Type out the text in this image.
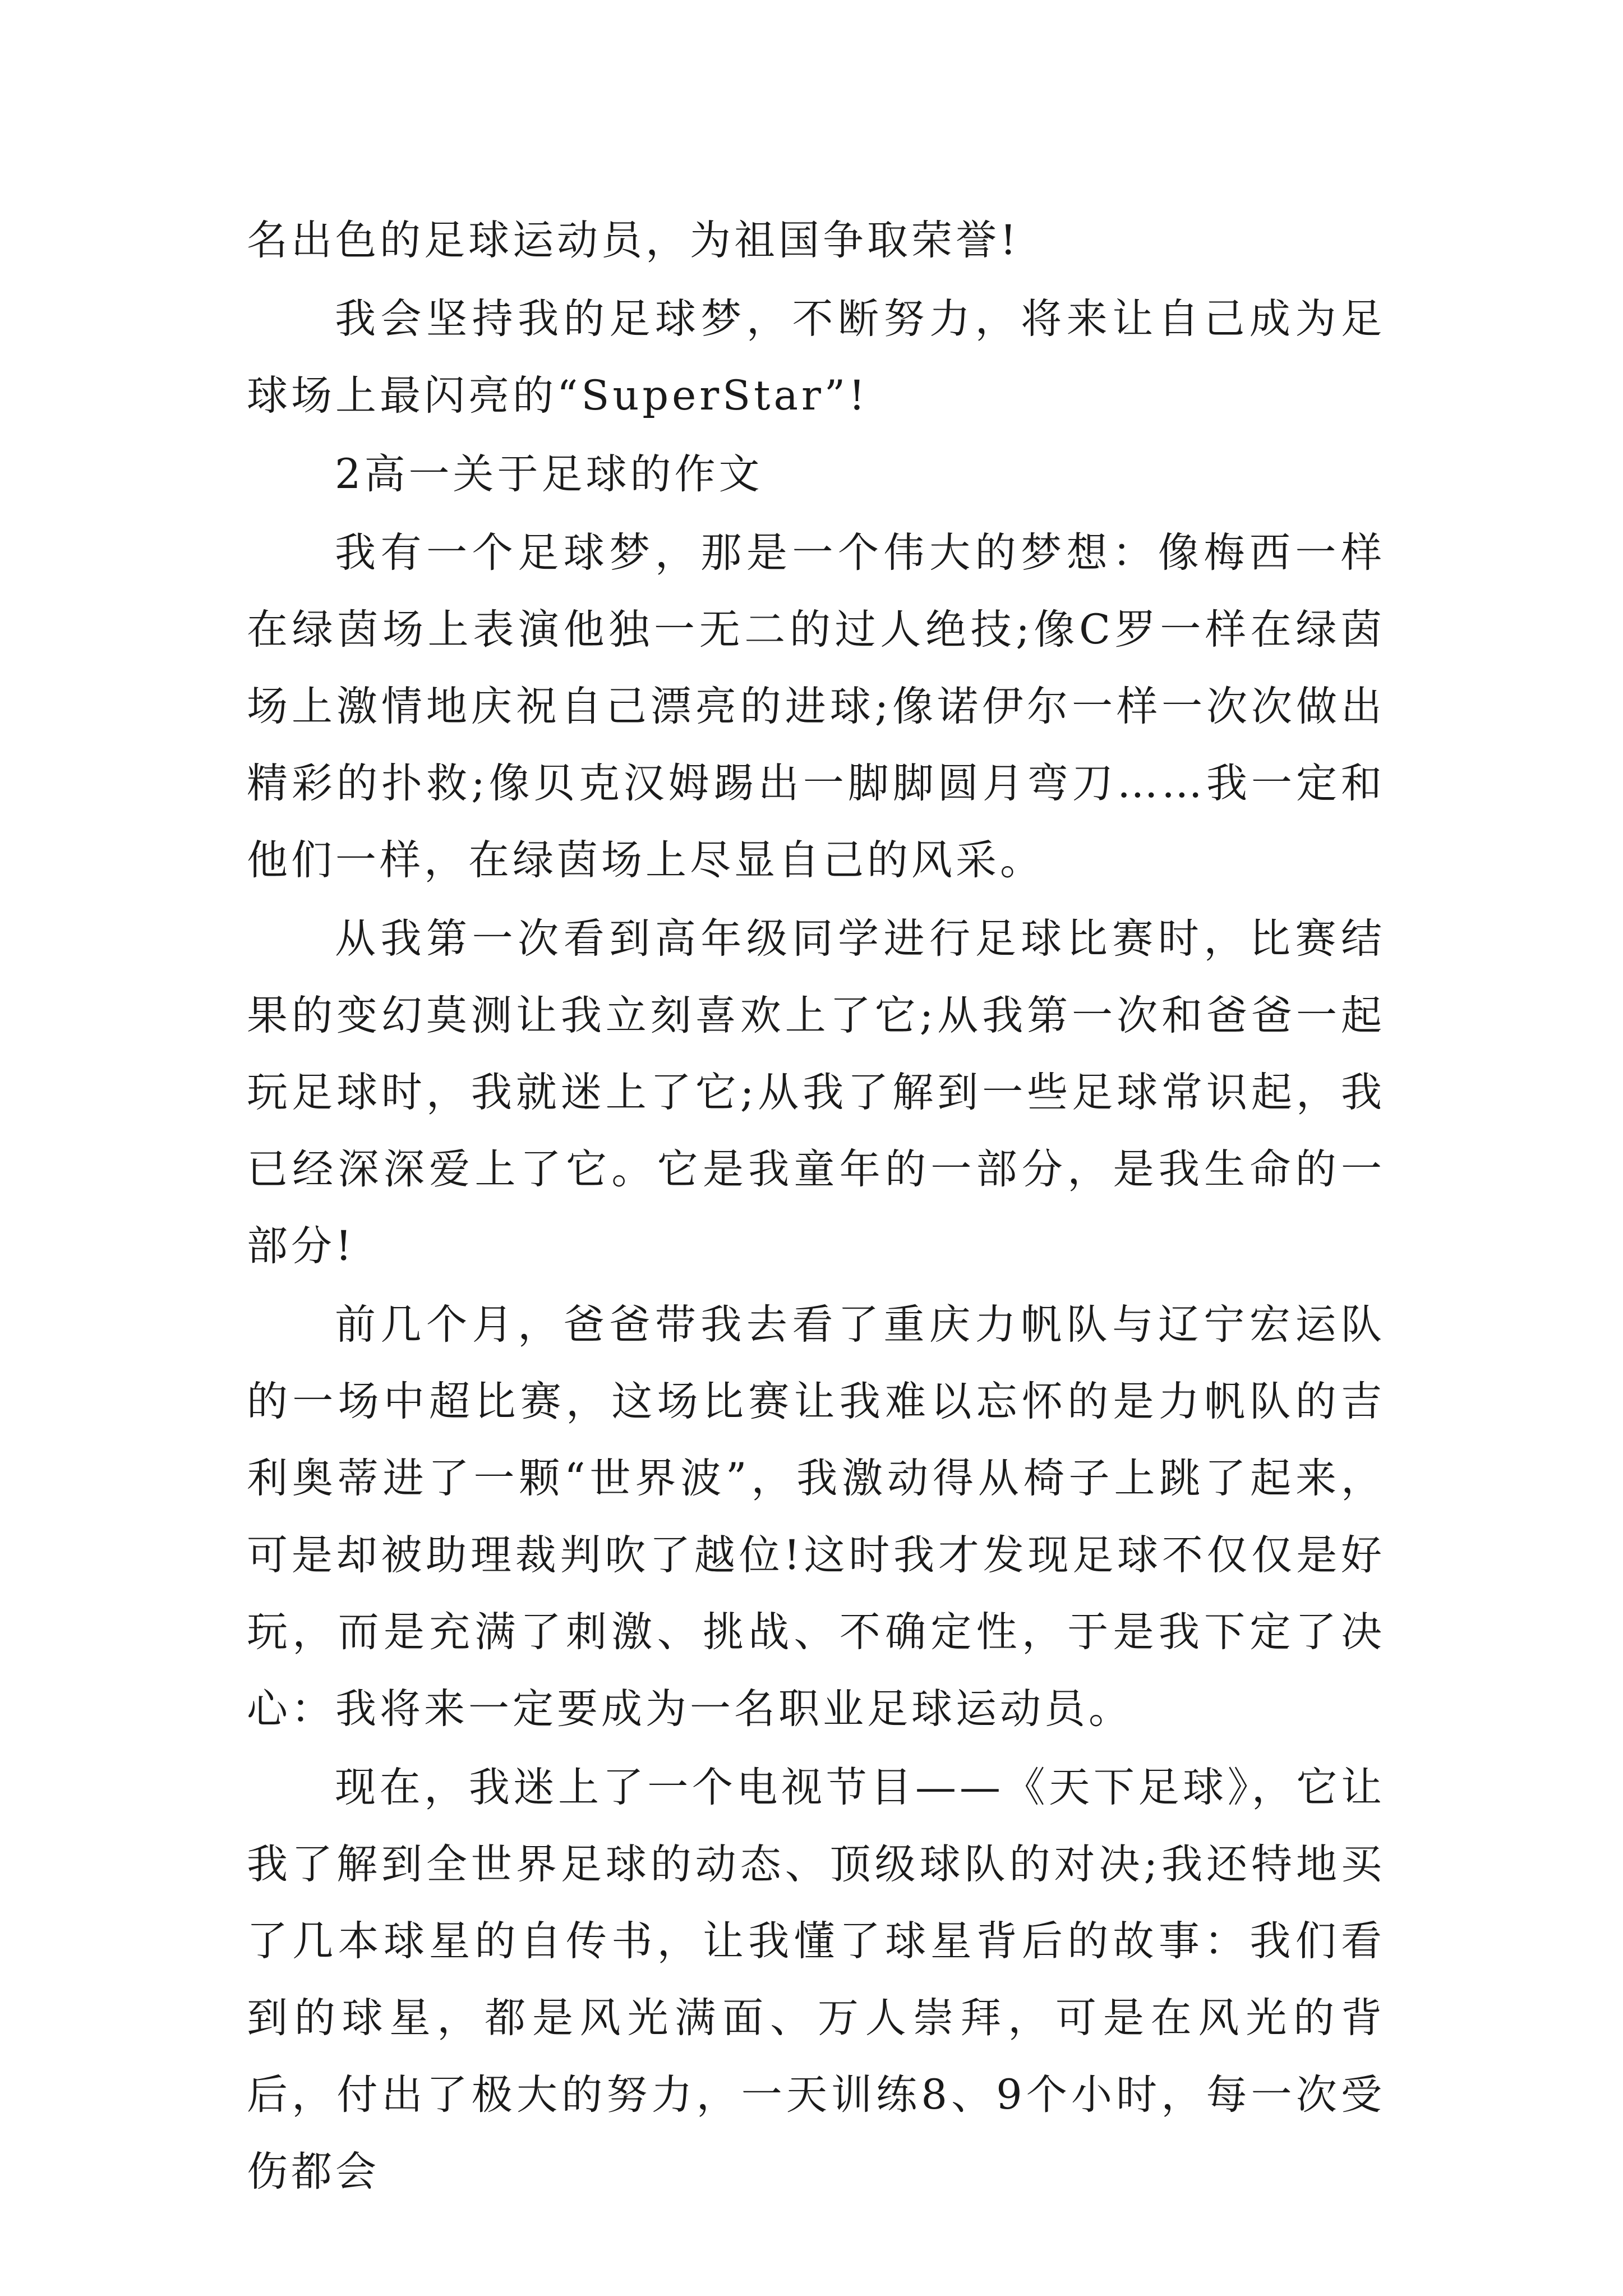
名出色的足球运动员，为祖国争取荣誉!

我会坚持我的足球梦，不断努力，将来让自己成为足球场上最闪亮的“SuperStar”!

2高一关于足球的作文

我有一个足球梦，那是一个伟大的梦想：像梅西一样在绿茵场上表演他独一无二的过人绝技;像C罗一样在绿茵场上激情地庆祝自己漂亮的进球;像诺伊尔一样一次次做出精彩的扑救;像贝克汉姆踢出一脚脚圆月弯刀……我一定和他们一样，在绿茵场上尽显自己的风采。

从我第一次看到高年级同学进行足球比赛时，比赛结果的变幻莫测让我立刻喜欢上了它;从我第一次和爸爸一起玩足球时，我就迷上了它;从我了解到一些足球常识起，我已经深深爱上了它。它是我童年的一部分，是我生命的一部分!

前几个月，爸爸带我去看了重庆力帆队与辽宁宏运队的一场中超比赛，这场比赛让我难以忘怀的是力帆队的吉利奥蒂进了一颗“世界波”，我激动得从椅子上跳了起来，可是却被助理裁判吹了越位!这时我才发现足球不仅仅是好玩，而是充满了刺激、挑战、不确定性，于是我下定了决心：我将来一定要成为一名职业足球运动员。

现在，我迷上了一个电视节目——《天下足球》，它让我了解到全世界足球的动态、顶级球队的对决;我还特地买了几本球星的自传书，让我懂了球星背后的故事：我们看到的球星，都是风光满面、万人崇拜，可是在风光的背后，付出了极大的努力，一天训练8、9个小时，每一次受伤都会
